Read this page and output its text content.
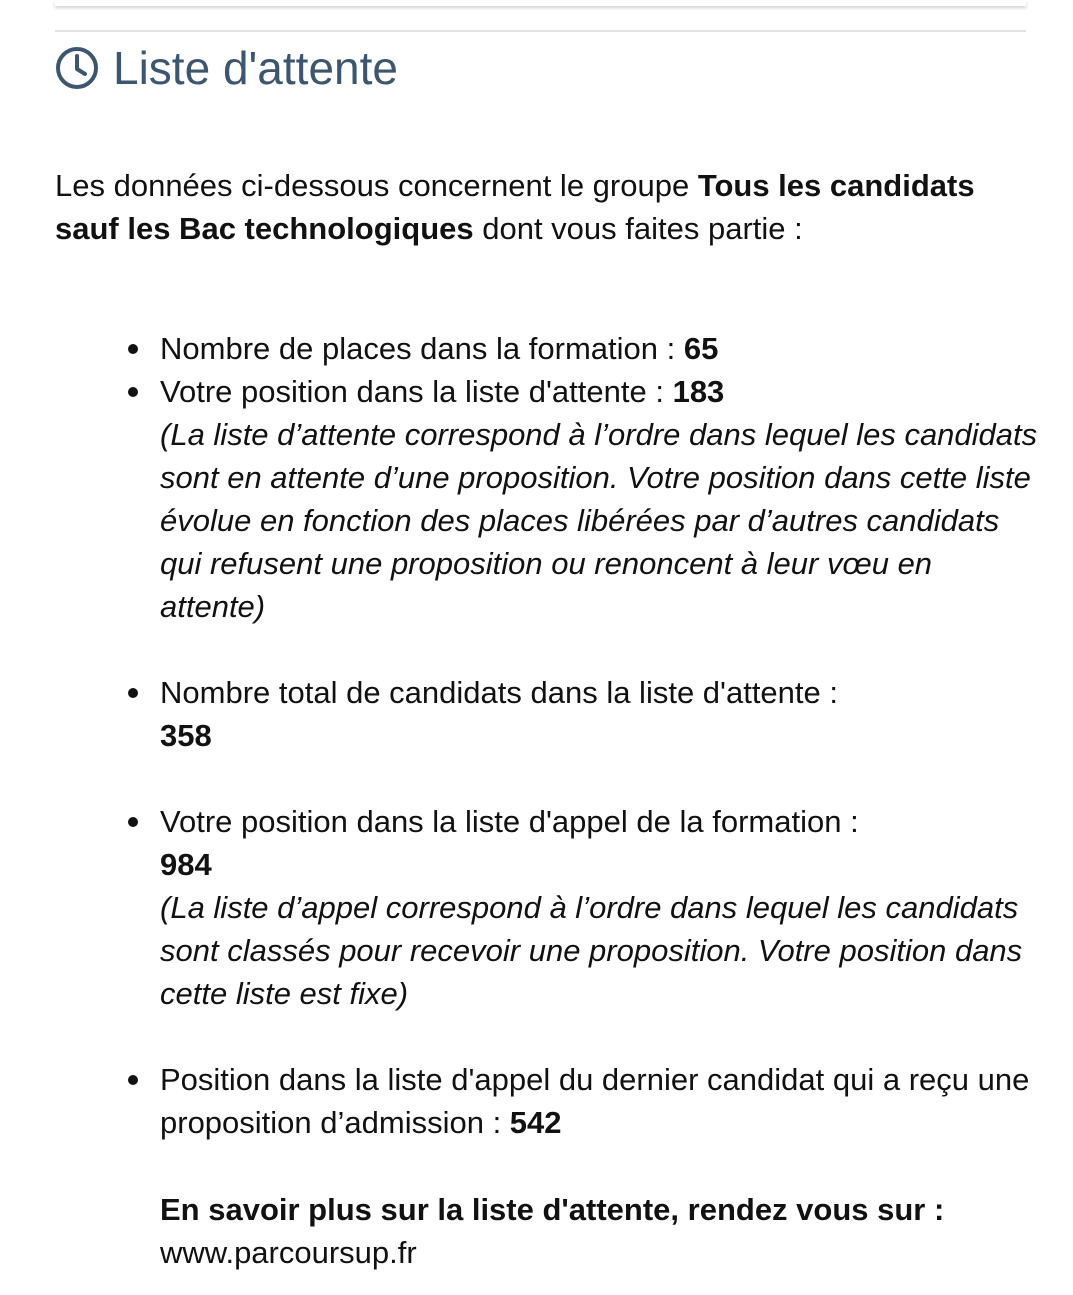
Liste d'attente
Les données ci-dessous concernent le groupe Tous les candidats sauf les Bac technologiques dont vous faites partie :
Nombre de places dans la formation : 65
Votre position dans la liste d'attente : 183
(La liste d’attente correspond à l’ordre dans lequel les candidats sont en attente d’une proposition. Votre position dans cette liste évolue en fonction des places libérées par d’autres candidats qui refusent une proposition ou renoncent à leur vœu en attente)
Nombre total de candidats dans la liste d'attente :
358
Votre position dans la liste d'appel de la formation :
984
(La liste d’appel correspond à l’ordre dans lequel les candidats sont classés pour recevoir une proposition. Votre position dans cette liste est fixe)
Position dans la liste d'appel du dernier candidat qui a reçu une proposition d’admission : 542
En savoir plus sur la liste d'attente, rendez vous sur :
www.parcoursup.fr
